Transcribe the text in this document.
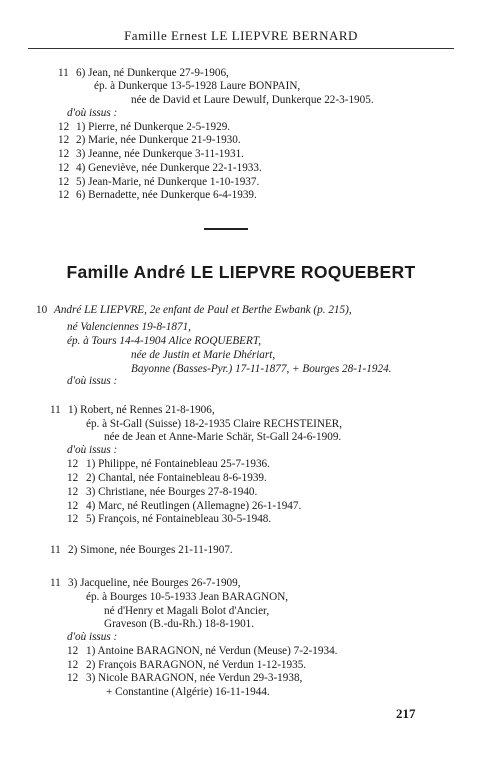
Famille Ernest LE LIEPVRE BERNARD
11 6) Jean, né Dunkerque 27-9-1906,
ép. à Dunkerque 13-5-1928 Laure BONPAIN,
née de David et Laure Dewulf, Dunkerque 22-3-1905.
d'où issus :
12 1) Pierre, né Dunkerque 2-5-1929.
12 2) Marie, née Dunkerque 21-9-1930.
12 3) Jeanne, née Dunkerque 3-11-1931.
12 4) Geneviève, née Dunkerque 22-1-1933.
12 5) Jean-Marie, né Dunkerque 1-10-1937.
12 6) Bernadette, née Dunkerque 6-4-1939.
Famille André LE LIEPVRE ROQUEBERT
10 André LE LIEPVRE, 2e enfant de Paul et Berthe Ewbank (p. 215),
né Valenciennes 19-8-1871,
ép. à Tours 14-4-1904 Alice ROQUEBERT,
née de Justin et Marie Dhériart,
Bayonne (Basses-Pyr.) 17-11-1877, + Bourges 28-1-1924.
d'où issus :
11 1) Robert, né Rennes 21-8-1906,
ép. à St-Gall (Suisse) 18-2-1935 Claire RECHSTEINER,
née de Jean et Anne-Marie Schär, St-Gall 24-6-1909.
d'où issus :
12 1) Philippe, né Fontainebleau 25-7-1936.
12 2) Chantal, née Fontainebleau 8-6-1939.
12 3) Christiane, née Bourges 27-8-1940.
12 4) Marc, né Reutlingen (Allemagne) 26-1-1947.
12 5) François, né Fontainebleau 30-5-1948.
11 2) Simone, née Bourges 21-11-1907.
11 3) Jacqueline, née Bourges 26-7-1909,
ép. à Bourges 10-5-1933 Jean BARAGNON,
né d'Henry et Magali Bolot d'Ancier,
Graveson (B.-du-Rh.) 18-8-1901.
d'où issus :
12 1) Antoine BARAGNON, né Verdun (Meuse) 7-2-1934.
12 2) François BARAGNON, né Verdun 1-12-1935.
12 3) Nicole BARAGNON, née Verdun 29-3-1938,
+ Constantine (Algérie) 16-11-1944.
217
